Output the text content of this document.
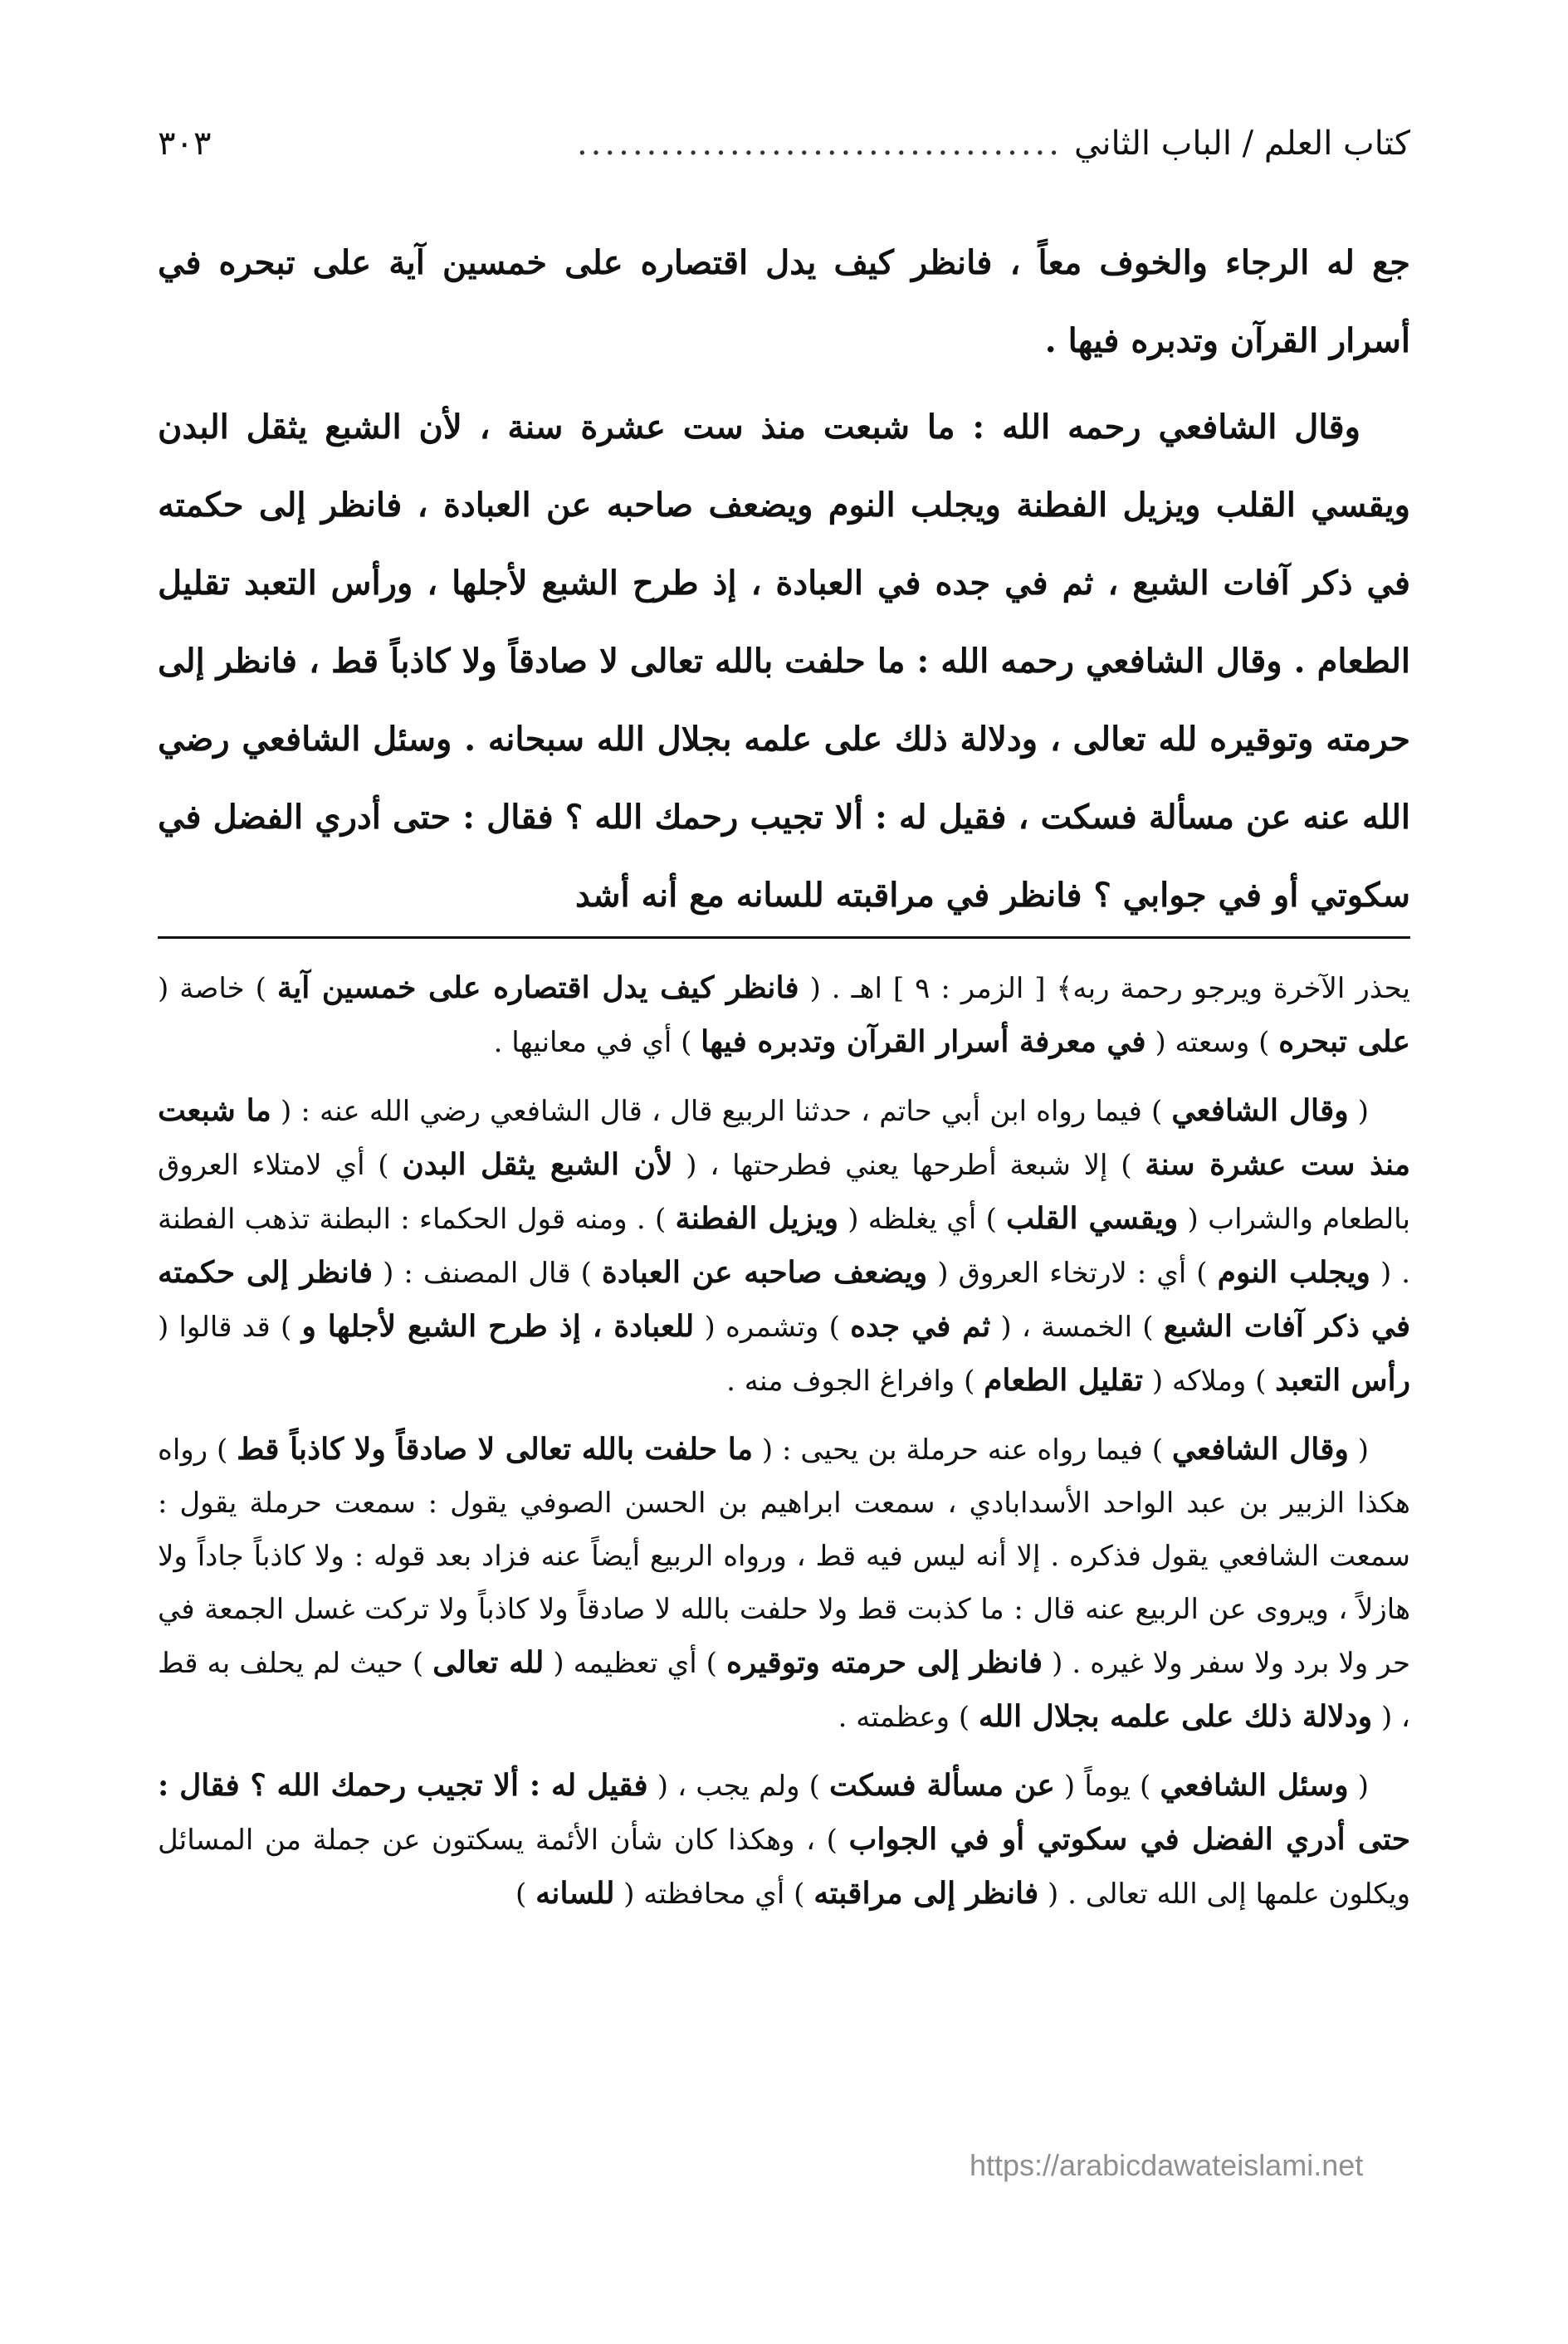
كتاب العلم / الباب الثاني
...................................
٣٠٣

جع له الرجاء والخوف معاً ، فانظر كيف يدل اقتصاره على خمسين آية على تبحره في أسرار القرآن وتدبره فيها .

وقال الشافعي رحمه الله : ما شبعت منذ ست عشرة سنة ، لأن الشبع يثقل البدن ويقسي القلب ويزيل الفطنة ويجلب النوم ويضعف صاحبه عن العبادة ، فانظر إلى حكمته في ذكر آفات الشبع ، ثم في جده في العبادة ، إذ طرح الشبع لأجلها ، ورأس التعبد تقليل الطعام . وقال الشافعي رحمه الله : ما حلفت بالله تعالى لا صادقاً ولا كاذباً قط ، فانظر إلى حرمته وتوقيره لله تعالى ، ودلالة ذلك على علمه بجلال الله سبحانه . وسئل الشافعي رضي الله عنه عن مسألة فسكت ، فقيل له : ألا تجيب رحمك الله ؟ فقال : حتى أدري الفضل في سكوتي أو في جوابي ؟ فانظر في مراقبته للسانه مع أنه أشد

يحذر الآخرة ويرجو رحمة ربه﴾ [ الزمر : ٩ ] اهـ . ( فانظر كيف يدل اقتصاره على خمسين آية ) خاصة ( على تبحره ) وسعته ( في معرفة أسرار القرآن وتدبره فيها ) أي في معانيها .

( وقال الشافعي ) فيما رواه ابن أبي حاتم ، حدثنا الربيع قال ، قال الشافعي رضي الله عنه : ( ما شبعت منذ ست عشرة سنة ) إلا شبعة أطرحها يعني فطرحتها ، ( لأن الشبع يثقل البدن ) أي لامتلاء العروق بالطعام والشراب ( ويقسي القلب ) أي يغلظه ( ويزيل الفطنة ) . ومنه قول الحكماء : البطنة تذهب الفطنة . ( ويجلب النوم ) أي : لارتخاء العروق ( ويضعف صاحبه عن العبادة ) قال المصنف : ( فانظر إلى حكمته في ذكر آفات الشبع ) الخمسة ، ( ثم في جده ) وتشمره ( للعبادة ، إذ طرح الشبع لأجلها و ) قد قالوا ( رأس التعبد ) وملاكه ( تقليل الطعام ) وافراغ الجوف منه .

( وقال الشافعي ) فيما رواه عنه حرملة بن يحيى : ( ما حلفت بالله تعالى لا صادقاً ولا كاذباً قط ) رواه هكذا الزبير بن عبد الواحد الأسدابادي ، سمعت ابراهيم بن الحسن الصوفي يقول : سمعت حرملة يقول : سمعت الشافعي يقول فذكره . إلا أنه ليس فيه قط ، ورواه الربيع أيضاً عنه فزاد بعد قوله : ولا كاذباً جاداً ولا هازلاً ، ويروى عن الربيع عنه قال : ما كذبت قط ولا حلفت بالله لا صادقاً ولا كاذباً ولا تركت غسل الجمعة في حر ولا برد ولا سفر ولا غيره . ( فانظر إلى حرمته وتوقيره ) أي تعظيمه ( لله تعالى ) حيث لم يحلف به قط ، ( ودلالة ذلك على علمه بجلال الله ) وعظمته .

( وسئل الشافعي ) يوماً ( عن مسألة فسكت ) ولم يجب ، ( فقيل له : ألا تجيب رحمك الله ؟ فقال : حتى أدري الفضل في سكوتي أو في الجواب ) ، وهكذا كان شأن الأئمة يسكتون عن جملة من المسائل ويكلون علمها إلى الله تعالى . ( فانظر إلى مراقبته ) أي محافظته ( للسانه )

https://arabicdawateislami.net
